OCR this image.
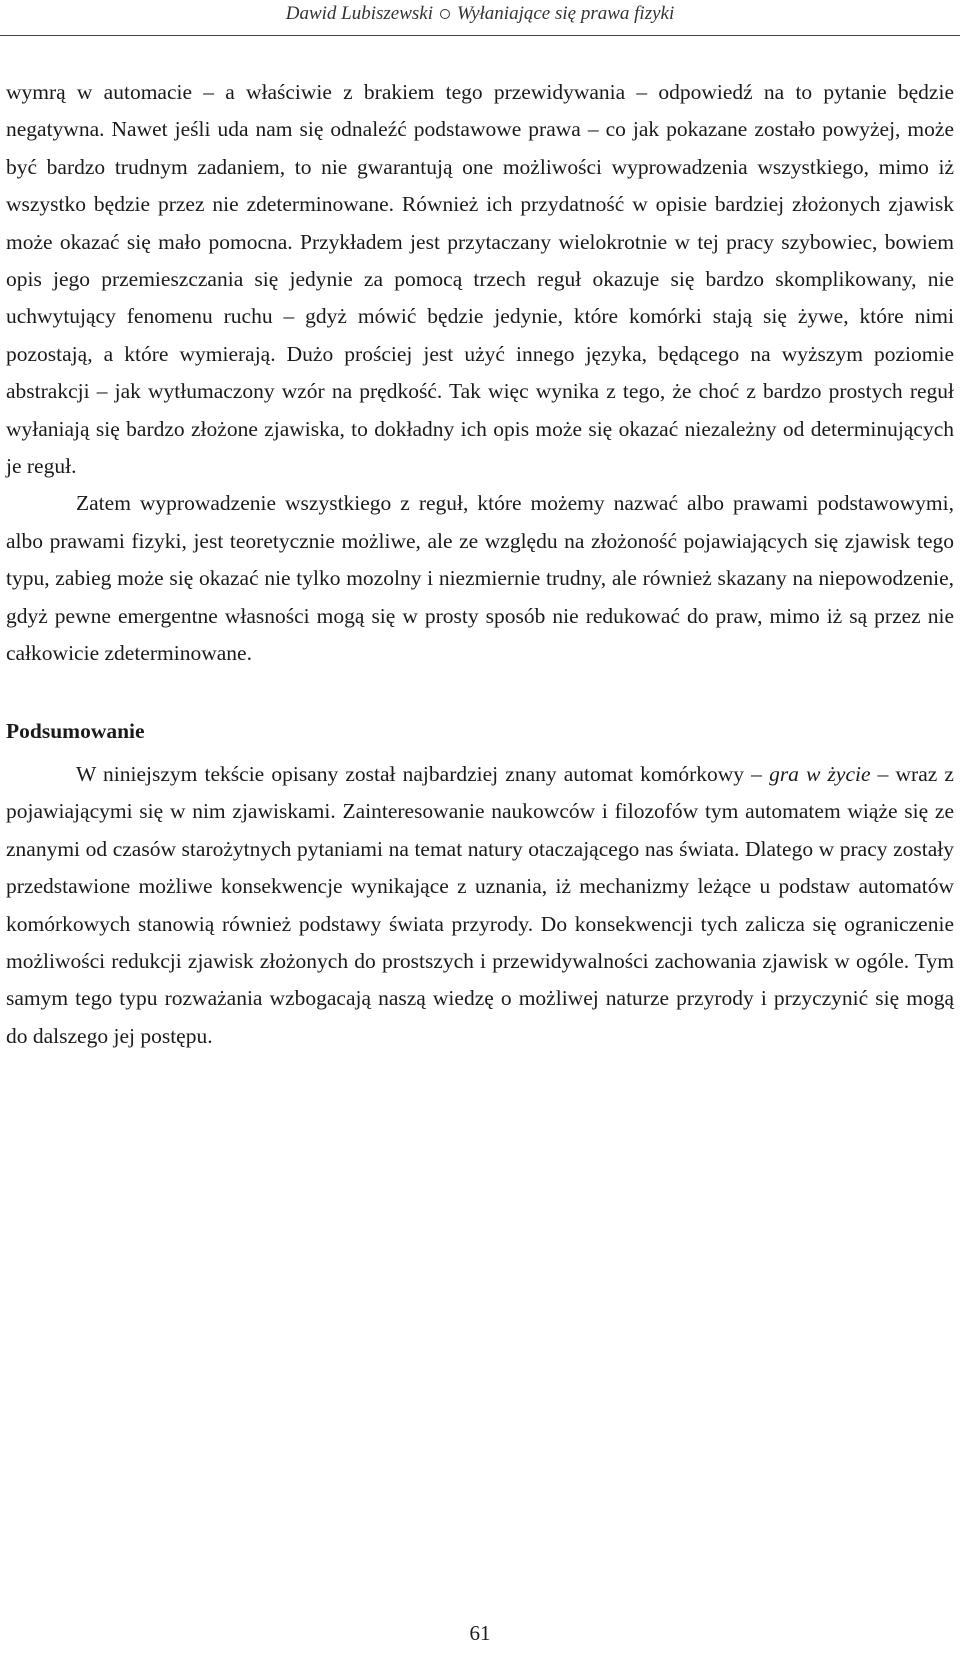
Dawid Lubiszewski Wyłaniające się prawa fizyki

wymrą w automacie – a właściwie z brakiem tego przewidywania – odpowiedź na to pytanie będzie negatywna. Nawet jeśli uda nam się odnaleźć podstawowe prawa – co jak pokazane zostało powyżej, może być bardzo trudnym zadaniem, to nie gwarantują one możliwości wyprowadzenia wszystkiego, mimo iż wszystko będzie przez nie zdeterminowane. Również ich przydatność w opisie bardziej złożonych zjawisk może okazać się mało pomocna. Przykładem jest przytaczany wielokrotnie w tej pracy szybowiec, bowiem opis jego przemieszczania się jedynie za pomocą trzech reguł okazuje się bardzo skomplikowany, nie uchwytujący fenomenu ruchu – gdyż mówić będzie jedynie, które komórki stają się żywe, które nimi pozostają, a które wymierają. Dużo prościej jest użyć innego języka, będącego na wyższym poziomie abstrakcji – jak wytłumaczony wzór na prędkość. Tak więc wynika z tego, że choć z bardzo prostych reguł wyłaniają się bardzo złożone zjawiska, to dokładny ich opis może się okazać niezależny od determinujących je reguł.

Zatem wyprowadzenie wszystkiego z reguł, które możemy nazwać albo prawami podstawowymi, albo prawami fizyki, jest teoretycznie możliwe, ale ze względu na złożoność pojawiających się zjawisk tego typu, zabieg może się okazać nie tylko mozolny i niezmiernie trudny, ale również skazany na niepowodzenie, gdyż pewne emergentne własności mogą się w prosty sposób nie redukować do praw, mimo iż są przez nie całkowicie zdeterminowane.

Podsumowanie

W niniejszym tekście opisany został najbardziej znany automat komórkowy – gra w życie – wraz z pojawiającymi się w nim zjawiskami. Zainteresowanie naukowców i filozofów tym automatem wiąże się ze znanymi od czasów starożytnych pytaniami na temat natury otaczającego nas świata. Dlatego w pracy zostały przedstawione możliwe konsekwencje wynikające z uznania, iż mechanizmy leżące u podstaw automatów komórkowych stanowią również podstawy świata przyrody. Do konsekwencji tych zalicza się ograniczenie możliwości redukcji zjawisk złożonych do prostszych i przewidywalności zachowania zjawisk w ogóle. Tym samym tego typu rozważania wzbogacają naszą wiedzę o możliwej naturze przyrody i przyczynić się mogą do dalszego jej postępu.

61
